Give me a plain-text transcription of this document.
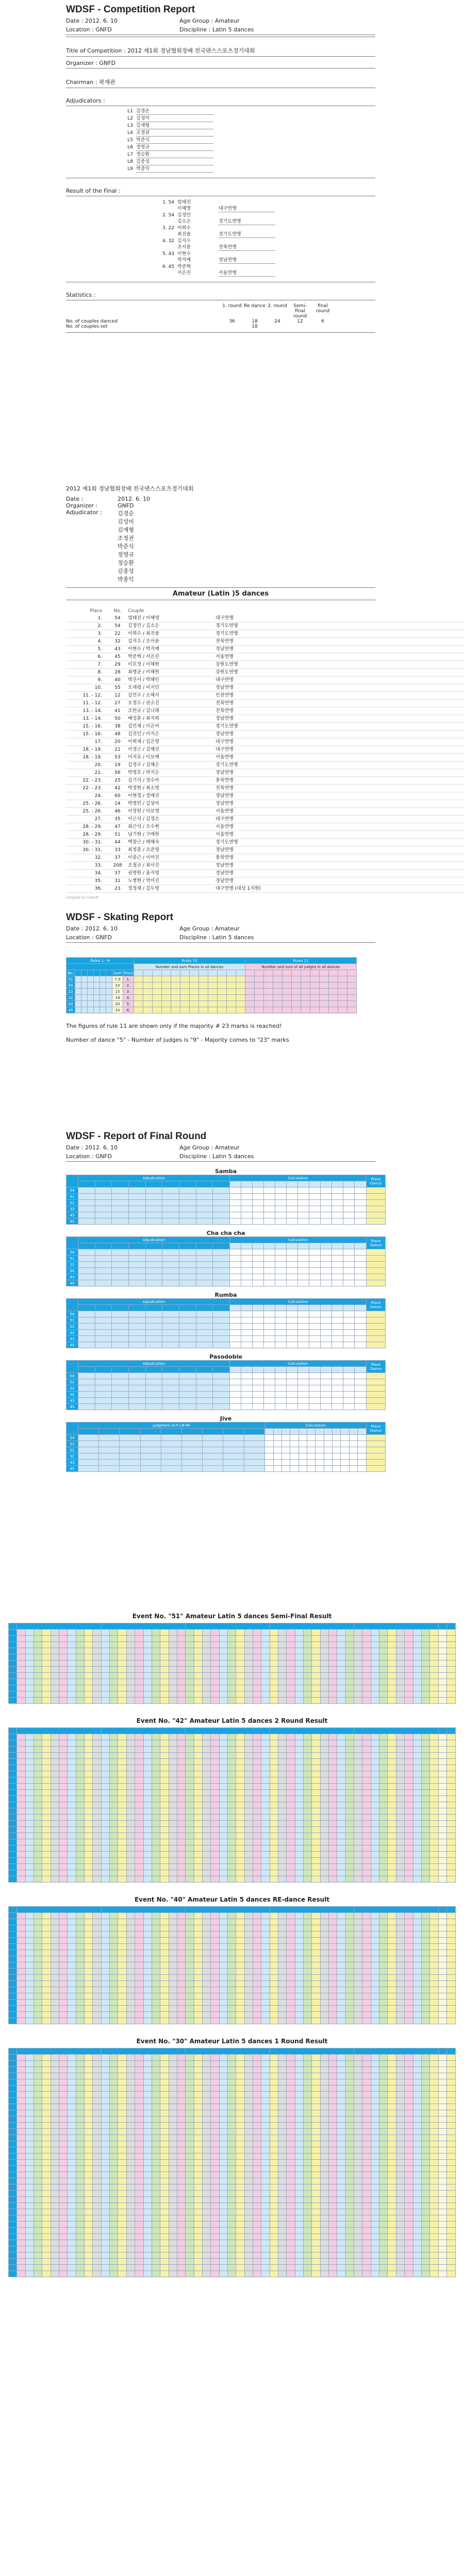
WDSF - Competition Report
Date : 2012. 6. 10	Age Group : Amateur
Location : GNFD	Discipline : Latin 5 dances
Title of Competition : 2012 제1회 경남협회장배 전국댄스스포츠경기대회
Organizer : GNFD
Chairman : 곽재관
Adjudicators :
L1 김경순
L2 김성미
L3 김재형
L4 조정권
L5 박준식
L6 정영규
L7 정승환
L8 김종성
L9 박종익
Result of the Final :
1. 54 엄태진
이혜영	대구연맹
2. 54 김정민
김소은	경기도연맹
3. 22 이희수
최진솔	경기도연맹
4. 32 김지수
조서윤	전북연맹
5. 43 이현수
박지예	경남연맹
6. 45 박준혁
서은진	서울연맹
Statistics :
1. round Re dance 2. round	Semi-final round
final round
No. of couples danced	36	18	24	12	6
No. of couples set	18
2012 제1회 경남협회장배 전국댄스스포츠경기대회
Date :	2012. 6. 10
Organizer :	GNFD
Adjudicator :	김경순
김성미
김재형
조정권
박준식
정영규
정승환
김종성
박종익
Amateur (Latin )5 dances
Place	No.	Couple
1.	54	엄태진 / 이혜영	대구연맹
2.	54	김정민 / 김소은	경기도연맹
3.	22	이희수 / 최진솔	경기도연맹
4.	32	김지수 / 조서윤	전북연맹
5.	43	이현수 / 박지예	경남연맹
6.	45	박준혁 / 서은진	서울연맹
7.	29	이호정 / 이혜원	강원도연맹
8.	28	최명균 / 이혜원	강원도연맹
9.	40	박진서 / 박혜인	대구연맹
10.	55	오세령 / 이지민	경남연맹
11. - 12.	12	김민수 / 소혜지	인천연맹
11. - 12.	27	오정수 / 권소진	전북연맹
13. - 14.	41	조한규 / 김나래	전북연맹
13. - 14.	50	배성훈 / 최지희	경남연맹
15. - 16.	38	김민재 / 이은비	경기도연맹
15. - 16.	48	김진민 / 이지은	경남연맹
17.	20	이희재 / 김은영	대구연맹
18. - 19.	21	이정근 / 김혜진	대구연맹
18. - 19.	53	이지유 / 이보배	서울연맹
20.	19	김정수 / 김혜은	경기도연맹
21.	56	박영호 / 박지은	경남연맹
22. - 23.	25	김기식 / 정수아	충북연맹
22. - 23.	42	박정현 / 최소영	전북연맹
24.	60	이현정 / 정예진	경남연맹
25. - 26.	14	박영빈 / 김상아	경남연맹
25. - 26.	46	이정원 / 이보영	서울연맹
27.	35	이근석 / 김경은	대구연맹
28. - 29.	47	최근석 / 오수현	서울연맹
28. - 29.	51	남기현 / 구예원	서울연맹
30. - 31.	44	백창근 / 배혜숙	경기도연맹
30. - 31.	33	최정훈 / 조준영	경남연맹
32.	37	이중근 / 이미진	충북연맹
33.	208	조철규 / 최서진	경남연맹
34.	37	권영원 / 윤지영	경남연맹
35.	31	노병현 / 박미진	경남연맹
36.	23	정정재 / 김두영	대구연맹 (대상 1지원)
compiled by Cubisoft
WDSF - Skating Report
Date : 2012. 6. 10	Age Group : Amateur
Location : GNFD	Discipline : Latin 5 dances
Rules 1 - 9									Rules 10												Rules 11											
									Number and sum Places in all dances												Number and sum of all judges in all dances											
No.							Sum	Place																								
51							7.0	1.																								
54							10	2.																								
22							15	3.																								
32							19	4.																								
43							20	5.																								
45							24	6.																								
The figures of rule 11 are shown only if the majority # 23 marks is reached!
Number of dance "5" - Number of judges is "9" - Majority comes to "23" marks
WDSF - Report of Final Round
Date : 2012. 6. 10	Age Group : Amateur
Location : GNFD	Discipline : Latin 5 dances
Samba
	Adjudication									Calculation												Place Dance

54																						
51																						
22																						
32																						
43																						
45																						
Cha cha cha
	Adjudication									Calculation												Place Dance

54																						
51																						
22																						
32																						
43																						
45																						
Rumba
	Adjudication									Calculation												Place Dance

54																						
51																						
22																						
32																						
43																						
45																						
Pasodoble
	Adjudication									Calculation												Place Dance

54																						
51																						
22																						
32																						
43																						
45																						
Jive
	Judgment (A-F-J-B-M)									Calculation												Place Dance

54																						
51																						
22																						
32																						
43																						
45																						
Event No. "51" Amateur Latin 5 dances Semi-Final Result

Event No. "42" Amateur Latin 5 dances 2 Round Result

Event No. "40" Amateur Latin 5 dances RE-dance Result

Event No. "30" Amateur Latin 5 dances 1 Round Result
